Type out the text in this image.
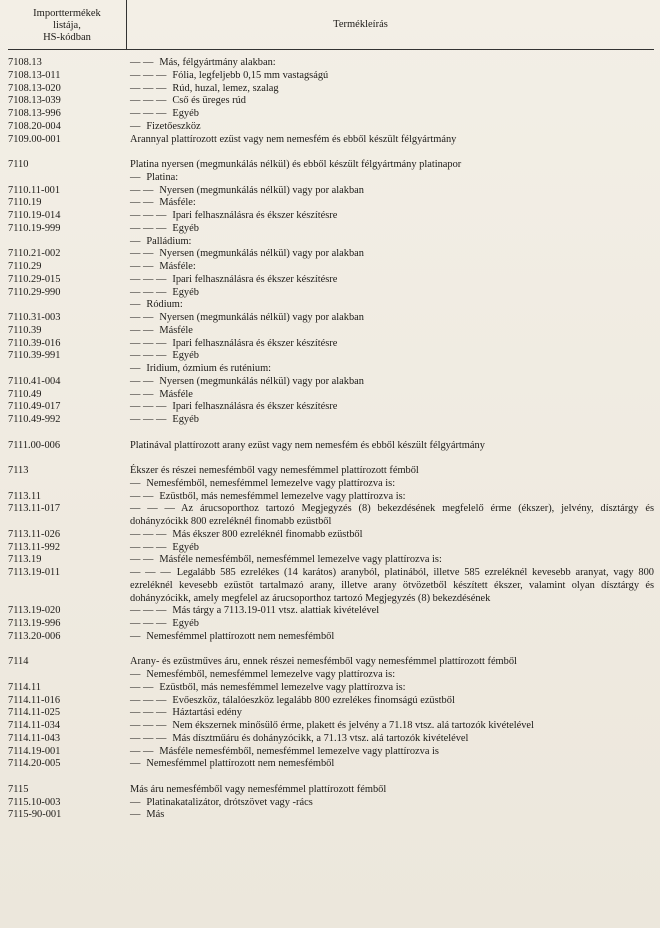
Importtermékek
listája,
HS-kódban
Termékleírás
7108.13	— — Más, félgyártmány alakban:
7108.13-011	— — — Fólia, legfeljebb 0,15 mm vastagságú
7108.13-020	— — — Rúd, huzal, lemez, szalag
7108.13-039	— — — Cső és üreges rúd
7108.13-996	— — — Egyéb
7108.20-004	— Fizetőeszköz
7109.00-001	Arannyal plattírozott ezüst vagy nem nemesfém és ebből készült félgyártmány
7110	Platina nyersen (megmunkálás nélkül) és ebből készült félgyártmány platinapor
— Platina:
7110.11-001	— — Nyersen (megmunkálás nélkül) vagy por alakban
7110.19	— — Másféle:
7110.19-014	— — — Ipari felhasználásra és ékszer készítésre
7110.19-999	— — — Egyéb
— Palládium:
7110.21-002	— — Nyersen (megmunkálás nélkül) vagy por alakban
7110.29	— — Másféle:
7110.29-015	— — — Ipari felhasználásra és ékszer készítésre
7110.29-990	— — — Egyéb
— Ródium:
7110.31-003	— — Nyersen (megmunkálás nélkül) vagy por alakban
7110.39	— — Másféle
7110.39-016	— — — Ipari felhasználásra és ékszer készítésre
7110.39-991	— — — Egyéb
— Iridium, ózmium és ruténium:
7110.41-004	— — Nyersen (megmunkálás nélkül) vagy por alakban
7110.49	— — Másféle
7110.49-017	— — — Ipari felhasználásra és ékszer készítésre
7110.49-992	— — — Egyéb
7111.00-006	Platinával plattírozott arany ezüst vagy nem nemesfém és ebből készült félgyártmány
7113	Ékszer és részei nemesfémből vagy nemesfémmel plattírozott fémből
— Nemesfémből, nemesfémmel lemezelve vagy plattírozva is:
7113.11	— — Ezüstből, más nemesfémmel lemezelve vagy plattírozva is:
7113.11-017	— — — Az árucsoporthoz tartozó Megjegyzés (8) bekezdésének megfelelő érme (ékszer), jelvény, dísztárgy és dohányzócikk 800 ezreléknél finomabb ezüstből
7113.11-026	— — — Más ékszer 800 ezreléknél finomabb ezüstből
7113.11-992	— — — Egyéb
7113.19	— — Másféle nemesfémből, nemesfémmel lemezelve vagy plattírozva is:
7113.19-011	— — — Legalább 585 ezrelékes (14 karátos) aranyból, platinából, illetve 585 ezreléknél kevesebb aranyat, vagy 800 ezreléknél kevesebb ezüstöt tartalmazó arany, illetve arany ötvözetből készített ékszer, valamint olyan dísztárgy és dohányzócikk, amely megfelel az árucsoporthoz tartozó Megjegyzés (8) bekezdésének
7113.19-020	— — — Más tárgy a 7113.19-011 vtsz. alattiak kivételével
7113.19-996	— — — Egyéb
7113.20-006	— Nemesfémmel plattírozott nem nemesfémből
7114	Arany- és ezüstműves áru, ennek részei nemesfémből vagy nemesfémmel plattírozott fémből
— Nemesfémből, nemesfémmel lemezelve vagy plattírozva is:
7114.11	— — Ezüstből, más nemesfémmel lemezelve vagy plattírozva is:
7114.11-016	— — — Evőeszköz, tálalóeszköz legalább 800 ezrelékes finomságú ezüstből
7114.11-025	— — — Háztartási edény
7114.11-034	— — — Nem ékszernek minősülő érme, plakett és jelvény a 71.18 vtsz. alá tartozók kivételével
7114.11-043	— — — Más dísztműáru és dohányzócikk, a 71.13 vtsz. alá tartozók kivételével
7114.19-001	— — Másféle nemesfémből, nemesfémmel lemezelve vagy plattírozva is
7114.20-005	— Nemesfémmel plattírozott nem nemesfémből
7115	Más áru nemesfémből vagy nemesfémmel plattírozott fémből
7115.10-003	— Platinakatalizátor, drótszövet vagy -rács
7115-90-001	— Más
